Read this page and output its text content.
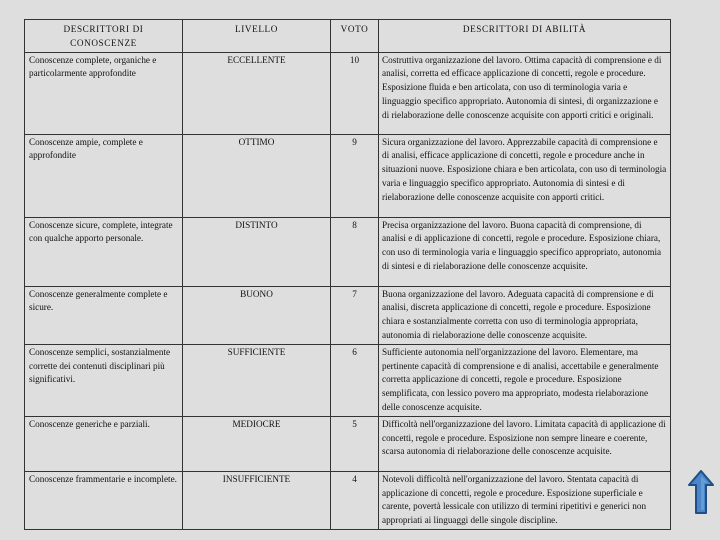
DESCRITTORI DI CONOSCENZE	LIVELLO	VOTO	DESCRITTORI DI ABILITÀ
Conoscenze complete, organiche e particolarmente approfondite	ECCELLENTE	10	Costruttiva organizzazione del lavoro. Ottima capacità di comprensione e di analisi, corretta ed efficace applicazione di concetti, regole e procedure. Esposizione fluida e ben articolata, con uso di terminologia varia e linguaggio specifico appropriato. Autonomia di sintesi, di organizzazione e di rielaborazione delle conoscenze acquisite con apporti critici e originali.
Conoscenze ampie, complete e approfondite	OTTIMO	9	Sicura organizzazione del lavoro. Apprezzabile capacità di comprensione e di analisi, efficace applicazione di concetti, regole e procedure anche in situazioni nuove. Esposizione chiara e ben articolata, con uso di terminologia varia e linguaggio specifico appropriato. Autonomia di sintesi e di rielaborazione delle conoscenze acquisite con apporti critici.
Conoscenze sicure, complete, integrate con qualche apporto personale.	DISTINTO	8	Precisa organizzazione del lavoro. Buona capacità di comprensione, di analisi e di applicazione di concetti, regole e procedure. Esposizione chiara, con uso di terminologia varia e linguaggio specifico appropriato, autonomia di sintesi e di rielaborazione delle conoscenze acquisite.
Conoscenze generalmente complete e sicure.	BUONO	7	Buona organizzazione del lavoro. Adeguata capacità di comprensione e di analisi, discreta applicazione di concetti, regole e procedure. Esposizione chiara e sostanzialmente corretta con uso di terminologia appropriata, autonomia di rielaborazione delle conoscenze acquisite.
Conoscenze semplici, sostanzialmente corrette dei contenuti disciplinari più significativi.	SUFFICIENTE	6	Sufficiente autonomia nell'organizzazione del lavoro. Elementare, ma pertinente capacità di comprensione e di analisi, accettabile e generalmente corretta applicazione di concetti, regole e procedure. Esposizione semplificata, con lessico povero ma appropriato, modesta rielaborazione delle conoscenze acquisite.
Conoscenze generiche e parziali.	MEDIOCRE	5	Difficoltà nell'organizzazione del lavoro. Limitata capacità di applicazione di concetti, regole e procedure. Esposizione non sempre lineare e coerente, scarsa autonomia di rielaborazione delle conoscenze acquisite.
Conoscenze frammentarie e incomplete.	INSUFFICIENTE	4	Notevoli difficoltà nell'organizzazione del lavoro. Stentata capacità di applicazione di concetti, regole e procedure. Esposizione superficiale e carente, povertà lessicale con utilizzo di termini ripetitivi e generici non appropriati ai linguaggi delle singole discipline.
